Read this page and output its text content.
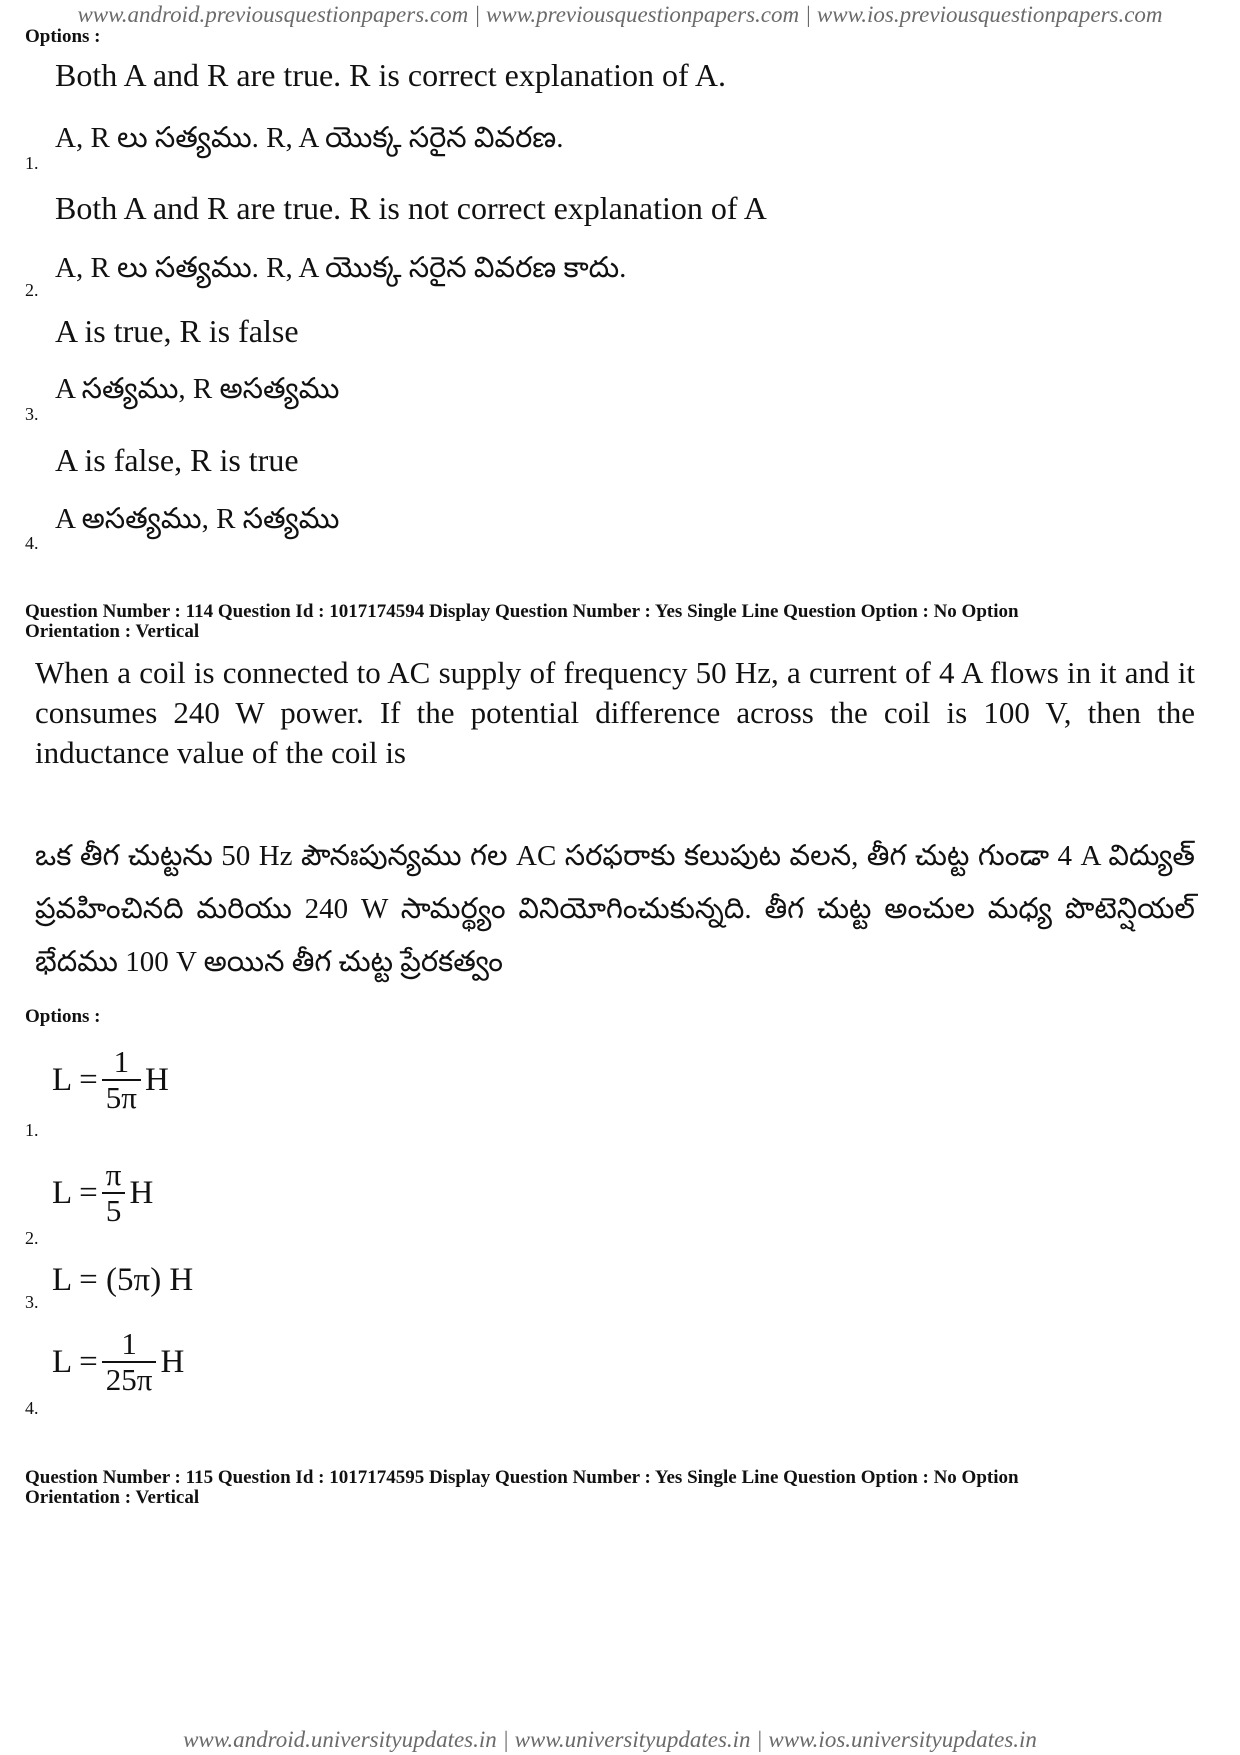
www.android.previousquestionpapers.com | www.previousquestionpapers.com | www.ios.previousquestionpapers.com
Options :
Both A and R are true. R is correct explanation of A.
A, R లు సత్యము. R, A యొక్క సరైన వివరణ.
1.
Both A and R are true. R is not correct explanation of A
A, R లు సత్యము. R, A యొక్క సరైన వివరణ కాదు.
2.
A is true, R is false
A సత్యము, R అసత్యము
3.
A is false, R is true
A అసత్యము, R సత్యము
4.
Question Number : 114 Question Id : 1017174594 Display Question Number : Yes Single Line Question Option : No Option
Orientation : Vertical

When a coil is connected to AC supply of frequency 50 Hz, a current of 4 A flows in it and it consumes 240 W power. If the potential difference across the coil is 100 V, then the inductance value of the coil is

ఒక తీగ చుట్టను 50 Hz పౌనఃపున్యము గల AC సరఫరాకు కలుపుట వలన, తీగ చుట్ట గుండా 4 A విద్యుత్ ప్రవహించినది మరియు 240 W సామర్థ్యం వినియోగించుకున్నది. తీగ చుట్ట అంచుల మధ్య పొటెన్షియల్ భేదము 100 V అయిన తీగ చుట్ట ప్రేరకత్వం
Options :
$L = \frac{1}{5\pi}$ H
1.
$L = \frac{\pi}{5}$ H
2.
L = (5π) H
3.
$L = \frac{1}{25\pi}$ H
4.
Question Number : 115 Question Id : 1017174595 Display Question Number : Yes Single Line Question Option : No Option
Orientation : Vertical
www.android.universityupdates.in | www.universityupdates.in | www.ios.universityupdates.in
